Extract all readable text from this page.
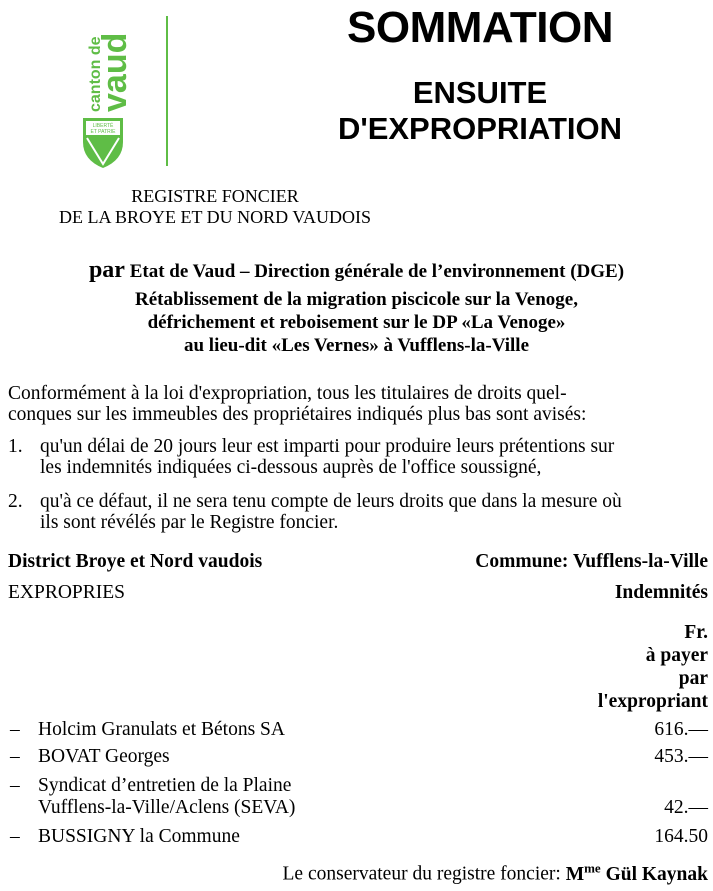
canton de
vaud
LIBERTÉ
ET PATRIE
SOMMATION
ENSUITE
D'EXPROPRIATION
REGISTRE FONCIER
DE LA BROYE ET DU NORD VAUDOIS
par Etat de Vaud – Direction générale de l’environnement (DGE)
Rétablissement de la migration piscicole sur la Venoge,
défrichement et reboisement sur le DP «La Venoge»
au lieu-dit «Les Vernes» à Vufflens-la-Ville
Conformément à la loi d'expropriation, tous les titulaires de droits quel-
conques sur les immeubles des propriétaires indiqués plus bas sont avisés:
1. qu'un délai de 20 jours leur est imparti pour produire leurs prétentions sur
les indemnités indiquées ci-dessous auprès de l'office soussigné,
2. qu'à ce défaut, il ne sera tenu compte de leurs droits que dans la mesure où
ils sont révélés par le Registre foncier.
District Broye et Nord vaudois	Commune: Vufflens-la-Ville
EXPROPRIES	Indemnités
Fr.
à payer
par
l'expropriant
– Holcim Granulats et Bétons SA	616.—
– BOVAT Georges	453.—
– Syndicat d’entretien de la Plaine
Vufflens-la-Ville/Aclens (SEVA)	42.—
– BUSSIGNY la Commune	164.50
Le conservateur du registre foncier: $M^{me}$ Gül Kaynak
